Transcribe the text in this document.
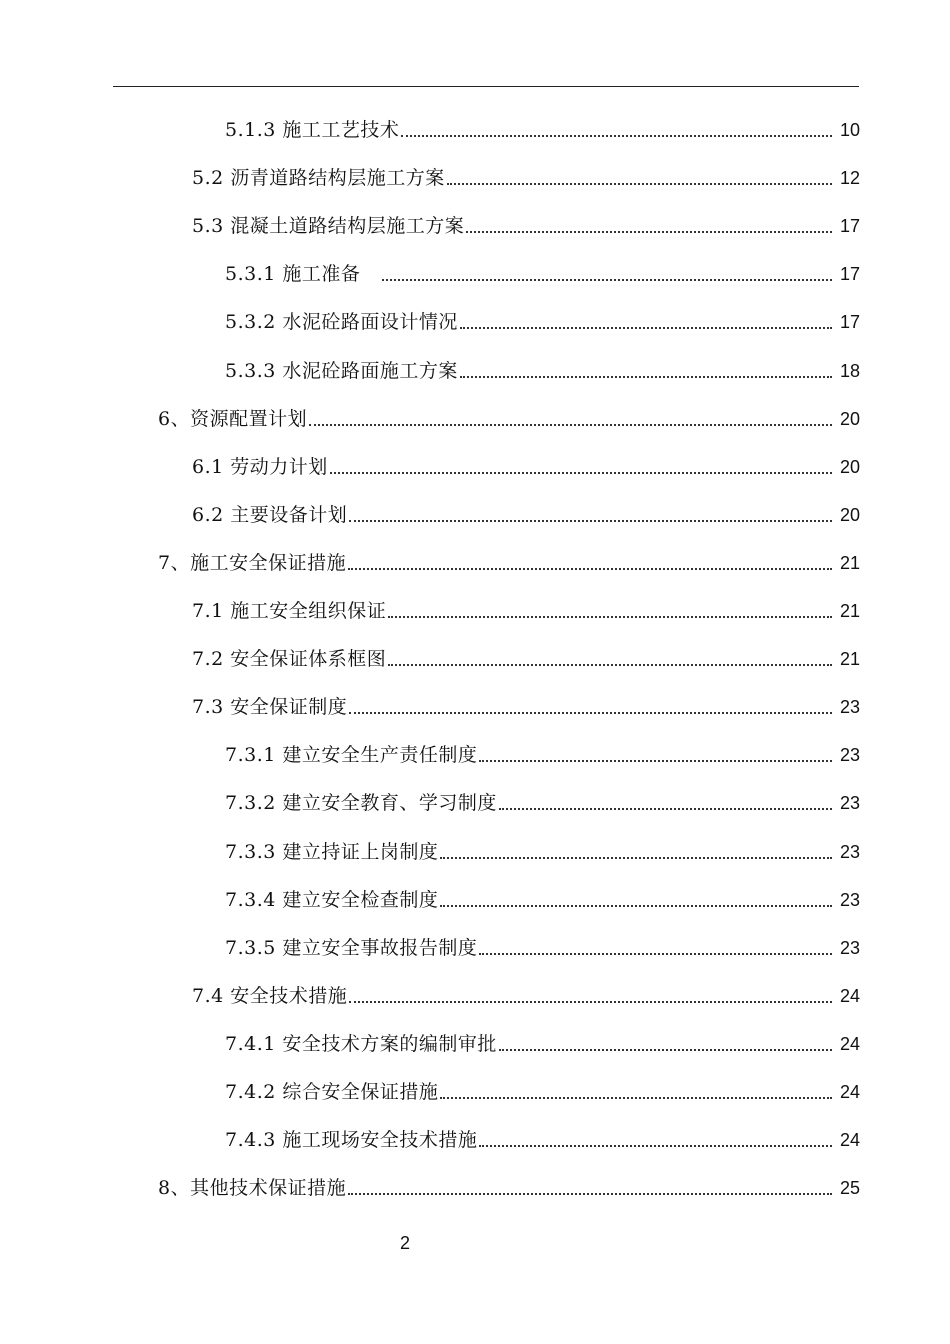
5.1.3 施工工艺技术	10
5.2 沥青道路结构层施工方案	12
5.3 混凝土道路结构层施工方案	17
5.3.1 施工准备　	17
5.3.2 水泥砼路面设计情况	17
5.3.3 水泥砼路面施工方案	18
6、资源配置计划	20
6.1 劳动力计划	20
6.2 主要设备计划	20
7、施工安全保证措施	21
7.1 施工安全组织保证	21
7.2 安全保证体系框图	21
7.3 安全保证制度	23
7.3.1 建立安全生产责任制度	23
7.3.2 建立安全教育、学习制度	23
7.3.3 建立持证上岗制度	23
7.3.4 建立安全检查制度	23
7.3.5 建立安全事故报告制度	23
7.4 安全技术措施	24
7.4.1 安全技术方案的编制审批	24
7.4.2 综合安全保证措施	24
7.4.3 施工现场安全技术措施	24
8、其他技术保证措施	25
2
